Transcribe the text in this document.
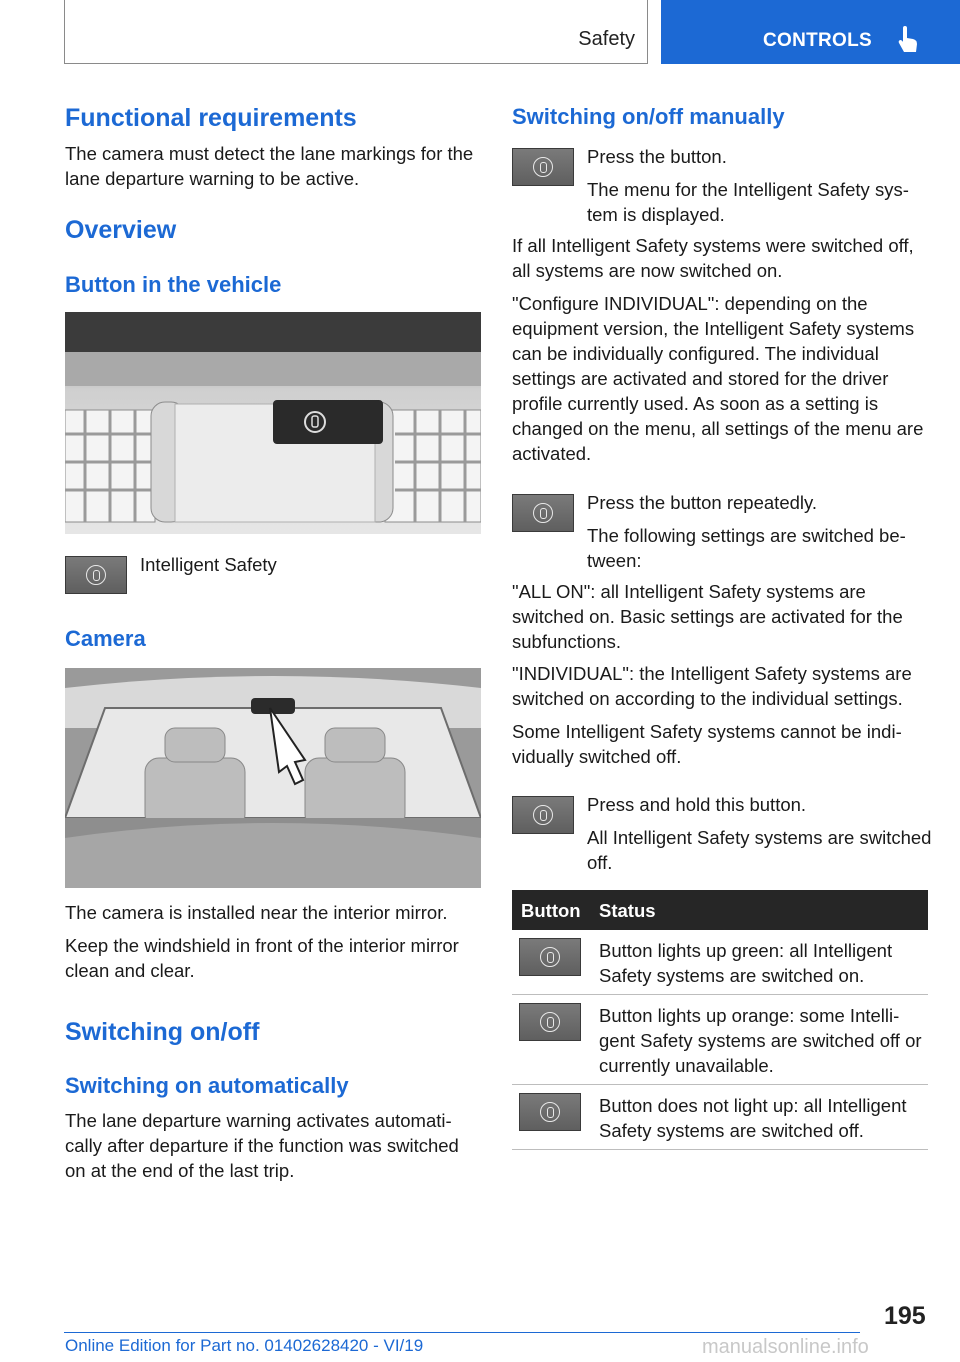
Safety	CONTROLS
Functional requirements
The camera must detect the lane markings for the lane departure warning to be active.
Overview
Button in the vehicle
Intelligent Safety
Camera
The camera is installed near the interior mirror.
Keep the windshield in front of the interior mirror clean and clear.
Switching on/off
Switching on automatically
The lane departure warning activates automatically after departure if the function was switched on at the end of the last trip.
Switching on/off manually
Press the button.
The menu for the Intelligent Safety system is displayed.
If all Intelligent Safety systems were switched off, all systems are now switched on.
"Configure INDIVIDUAL": depending on the equipment version, the Intelligent Safety systems can be individually configured. The individual settings are activated and stored for the driver profile currently used. As soon as a setting is changed on the menu, all settings of the menu are activated.
Press the button repeatedly.
The following settings are switched between:
"ALL ON": all Intelligent Safety systems are switched on. Basic settings are activated for the subfunctions.
"INDIVIDUAL": the Intelligent Safety systems are switched on according to the individual settings.
Some Intelligent Safety systems cannot be individually switched off.
Press and hold this button.
All Intelligent Safety systems are switched off.
Button Status
Button lights up green: all Intelligent Safety systems are switched on.
Button lights up orange: some Intelligent Safety systems are switched off or currently unavailable.
Button does not light up: all Intelligent Safety systems are switched off.
195
Online Edition for Part no. 01402628420 - VI/19	manualsonline.info
